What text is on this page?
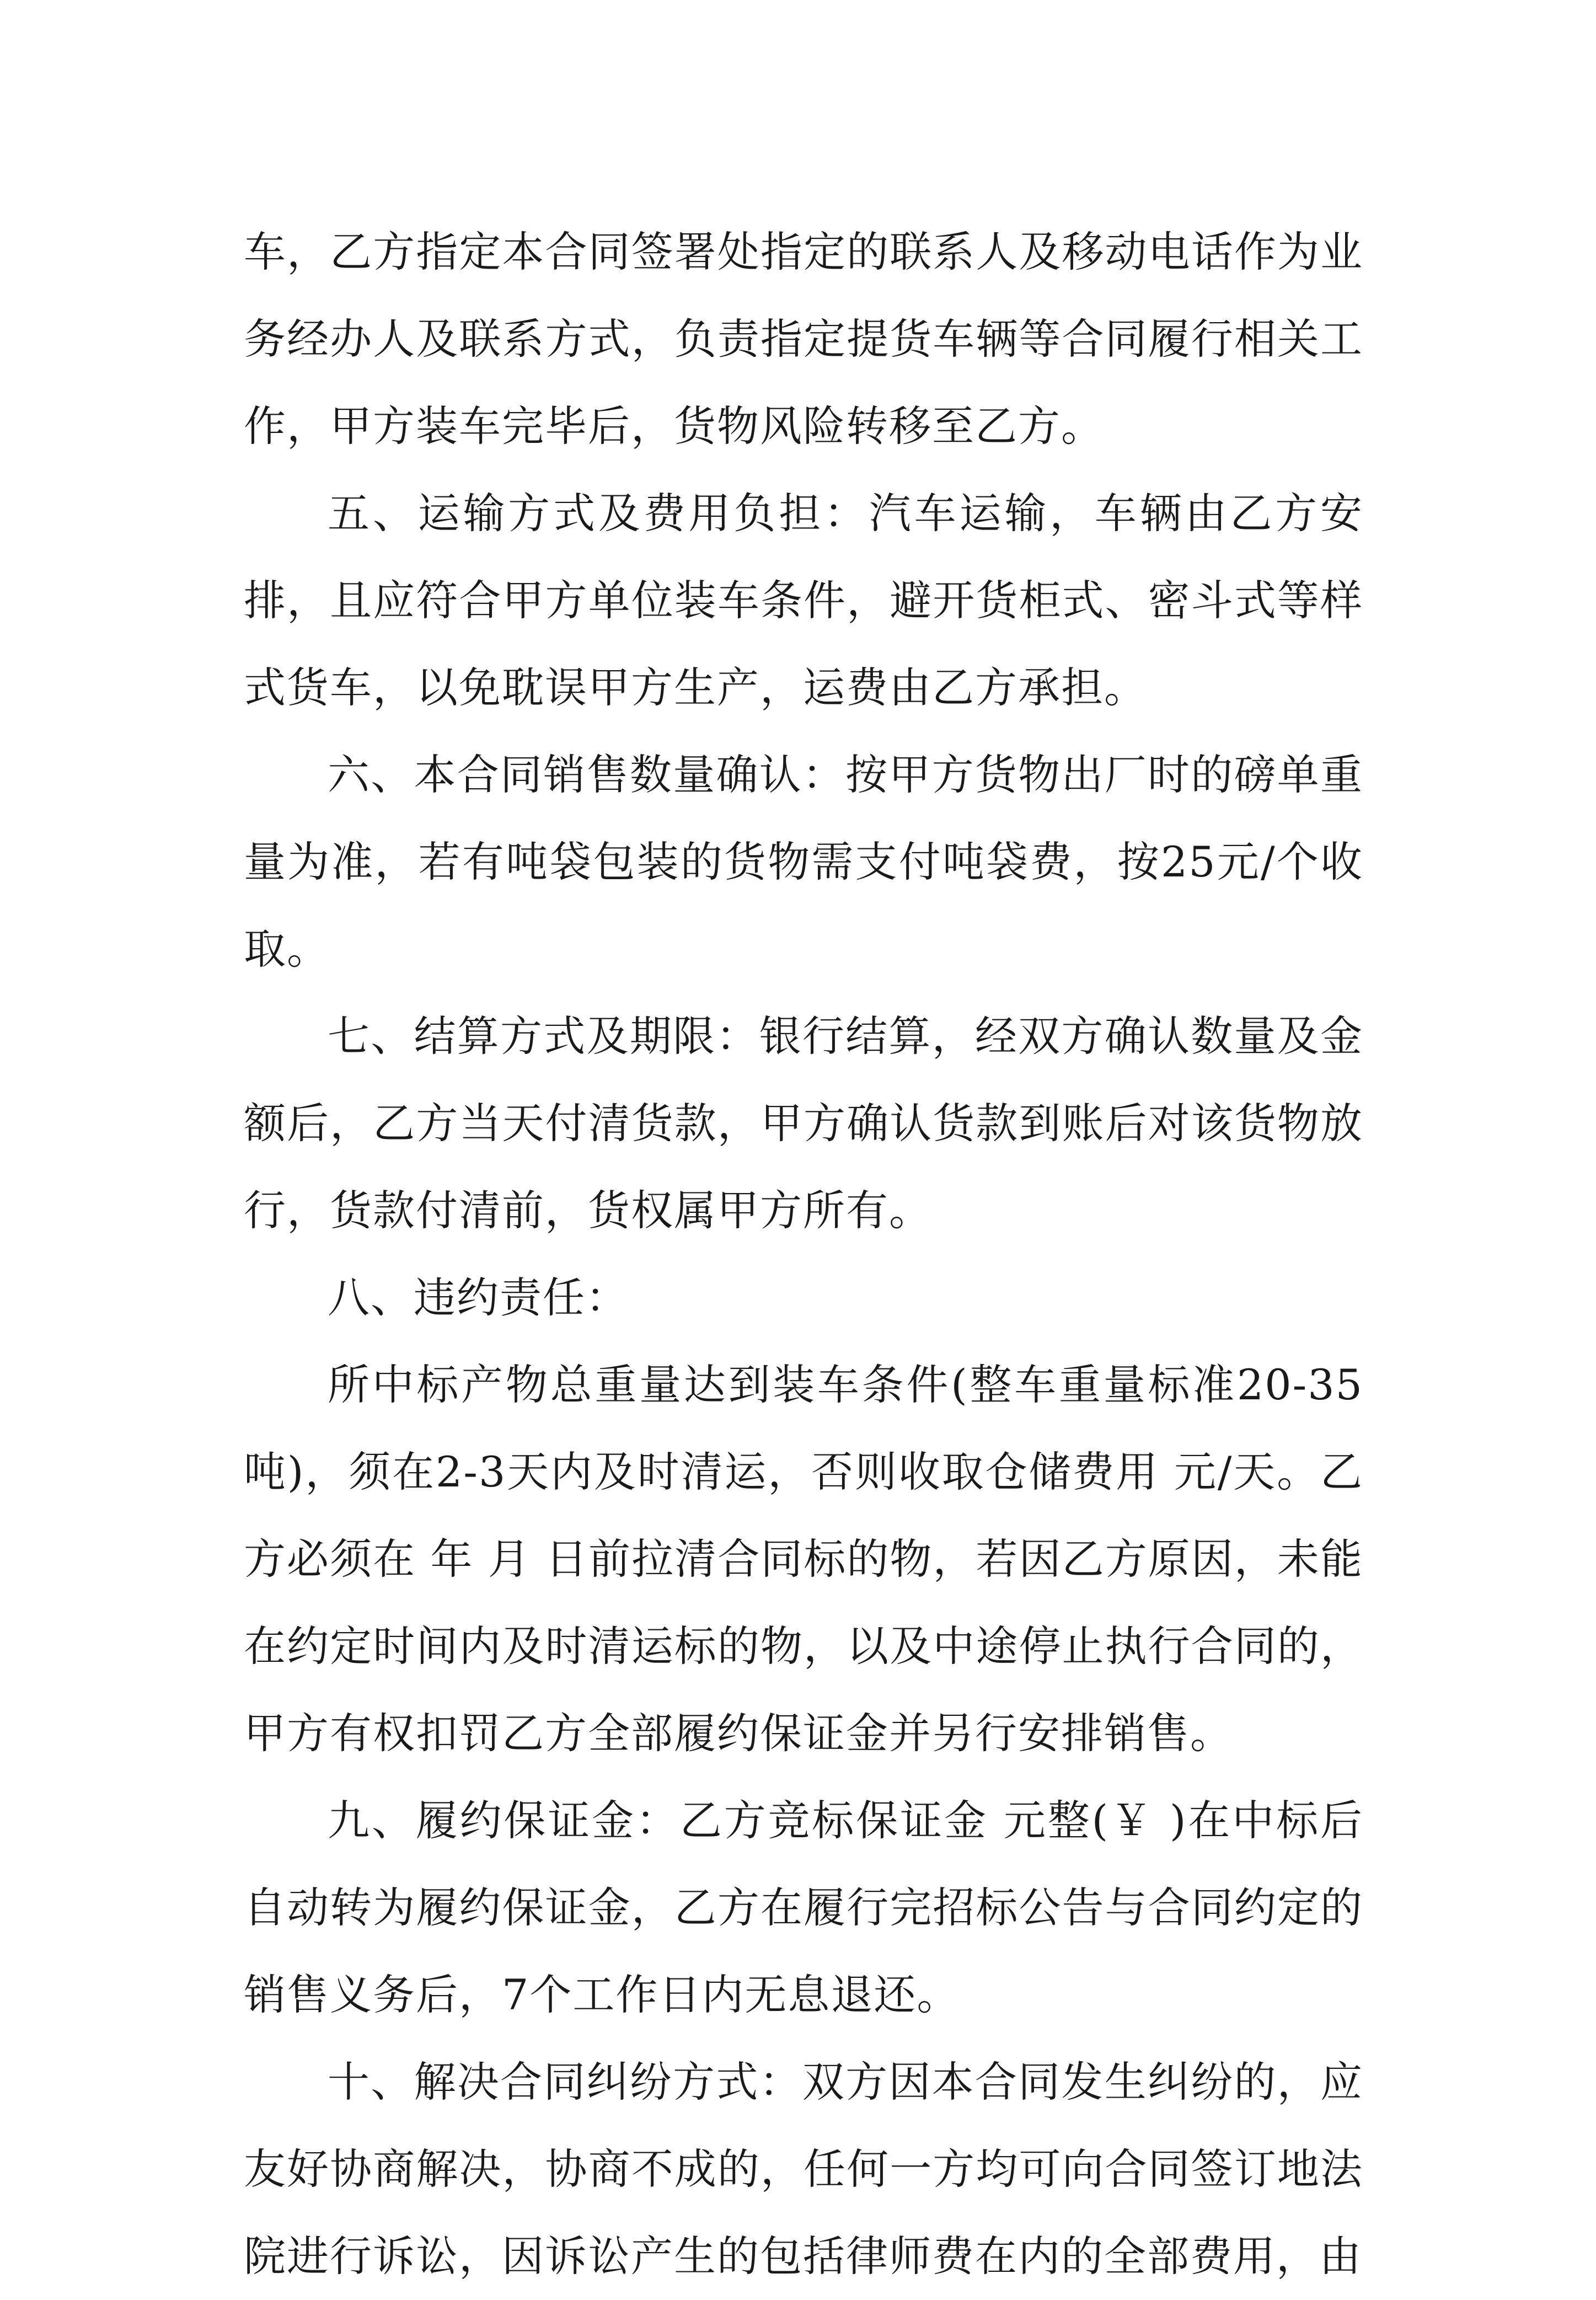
车，乙方指定本合同签署处指定的联系人及移动电话作为业务经办人及联系方式，负责指定提货车辆等合同履行相关工作，甲方装车完毕后，货物风险转移至乙方。

五、运输方式及费用负担：汽车运输，车辆由乙方安排，且应符合甲方单位装车条件，避开货柜式、密斗式等样式货车，以免耽误甲方生产，运费由乙方承担。

六、本合同销售数量确认：按甲方货物出厂时的磅单重量为准，若有吨袋包装的货物需支付吨袋费，按25元/个收取。

七、结算方式及期限：银行结算，经双方确认数量及金额后，乙方当天付清货款，甲方确认货款到账后对该货物放行，货款付清前，货权属甲方所有。

八、违约责任：

所中标产物总重量达到装车条件(整车重量标准20-35吨)，须在2-3天内及时清运，否则收取仓储费用 元/天。乙方必须在 年 月 日前拉清合同标的物，若因乙方原因，未能在约定时间内及时清运标的物，以及中途停止执行合同的，甲方有权扣罚乙方全部履约保证金并另行安排销售。

九、履约保证金：乙方竞标保证金 元整(￥ )在中标后自动转为履约保证金，乙方在履行完招标公告与合同约定的销售义务后，7个工作日内无息退还。

十、解决合同纠纷方式：双方因本合同发生纠纷的，应友好协商解决，协商不成的，任何一方均可向合同签订地法院进行诉讼，因诉讼产生的包括律师费在内的全部费用，由
